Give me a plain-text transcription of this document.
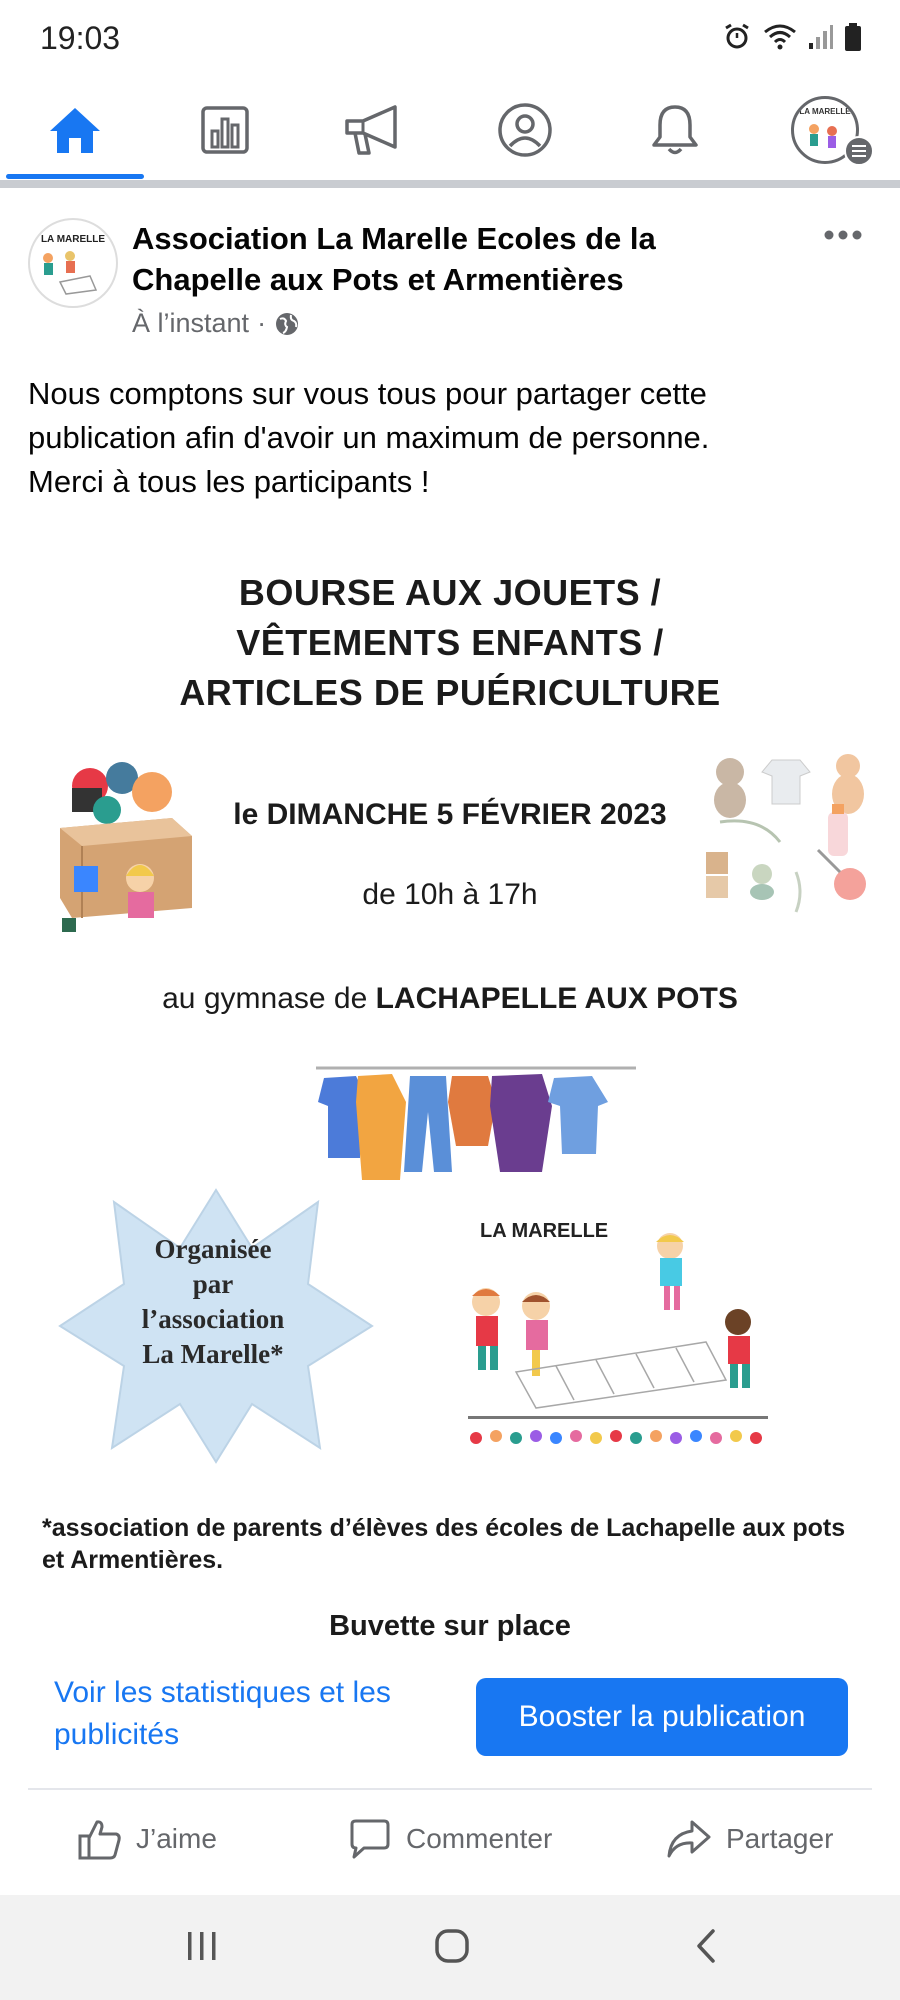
19:03
LA MARELLE
LA MARELLE Association La Marelle Ecoles de la Chapelle aux Pots et Armentières
À l’instant ·
Nous comptons sur vous tous pour partager cette
publication afin d'avoir un maximum de personne.
Merci à tous les participants !
BOURSE AUX JOUETS /
VÊTEMENTS ENFANTS /
ARTICLES DE PUÉRICULTURE
le DIMANCHE 5 FÉVRIER 2023
de 10h à 17h
au gymnase de LACHAPELLE AUX POTS
Organisée
par
l’association
La Marelle*
LA MARELLE
*association de parents d’élèves des écoles de Lachapelle aux pots et Armentières.
Buvette sur place
Voir les statistiques et les publicités
Booster la publication
J’aime	Commenter	Partager
